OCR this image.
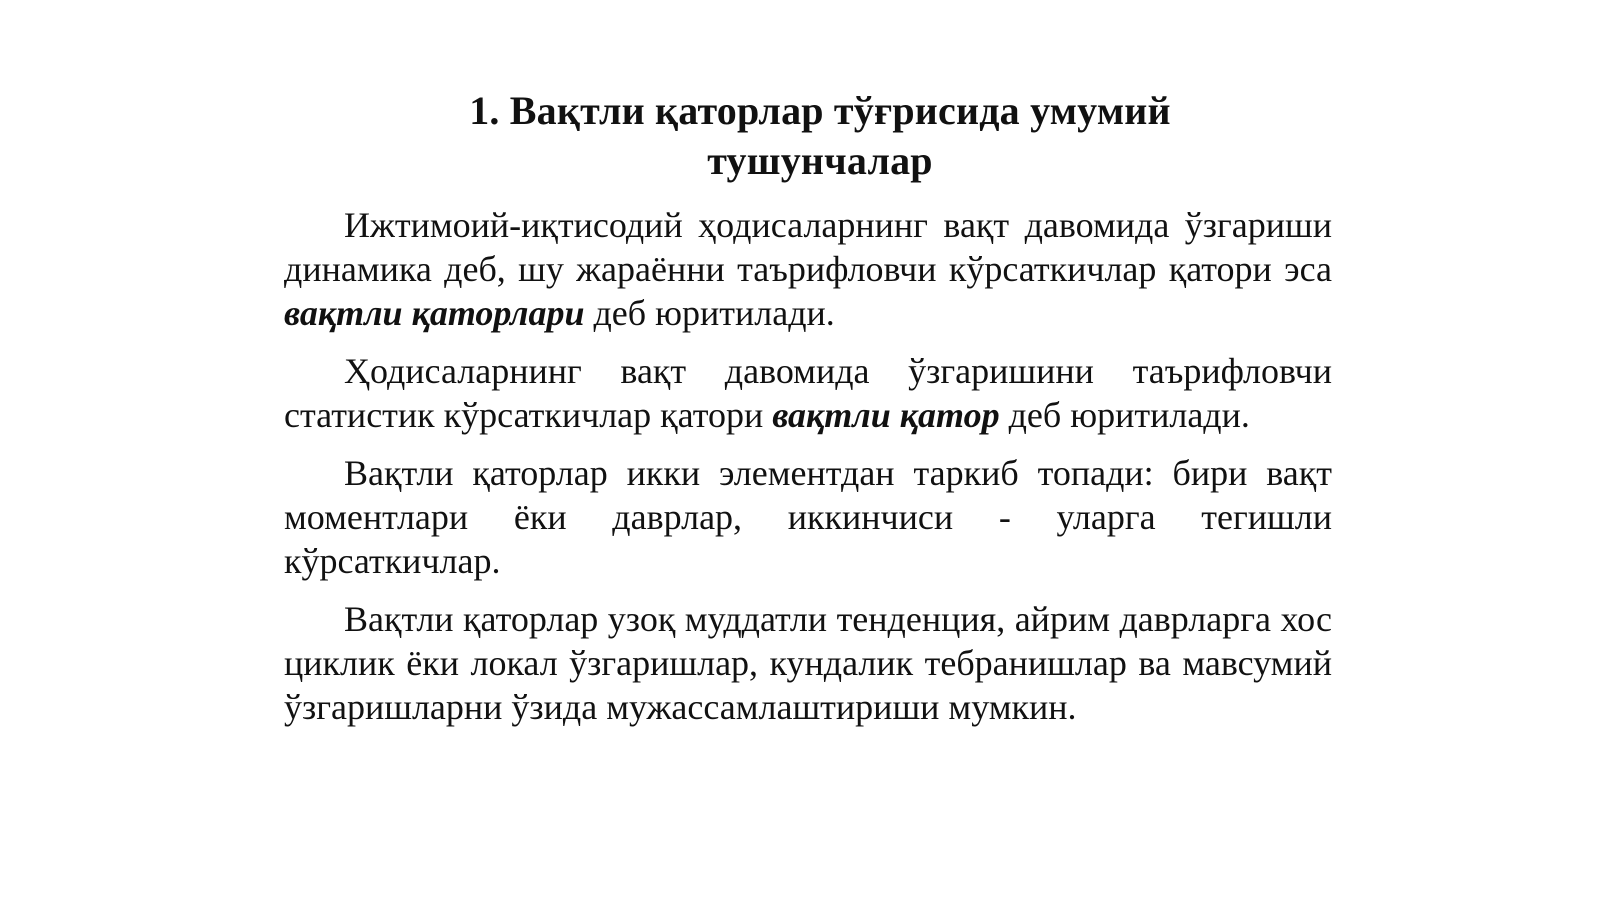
1. Вақтли қаторлар тўғрисида умумий
тушунчалар

Ижтимоий-иқтисодий ҳодисаларнинг вақт давомида ўзгариши динамика деб, шу жараённи таърифловчи кўрсаткичлар қатори эса вақтли қаторлари деб юритилади.

Ҳодисаларнинг вақт давомида ўзгаришини таърифловчи статистик кўрсаткичлар қатори вақтли қатор деб юритилади.

Вақтли қаторлар икки элементдан таркиб топади: бири вақт моментлари ёки даврлар, иккинчиси - уларга тегишли кўрсаткичлар.

Вақтли қаторлар узоқ муддатли тенденция, айрим даврларга хос циклик ёки локал ўзгаришлар, кундалик тебранишлар ва мавсумий ўзгаришларни ўзида мужассамлаштириши мумкин.
